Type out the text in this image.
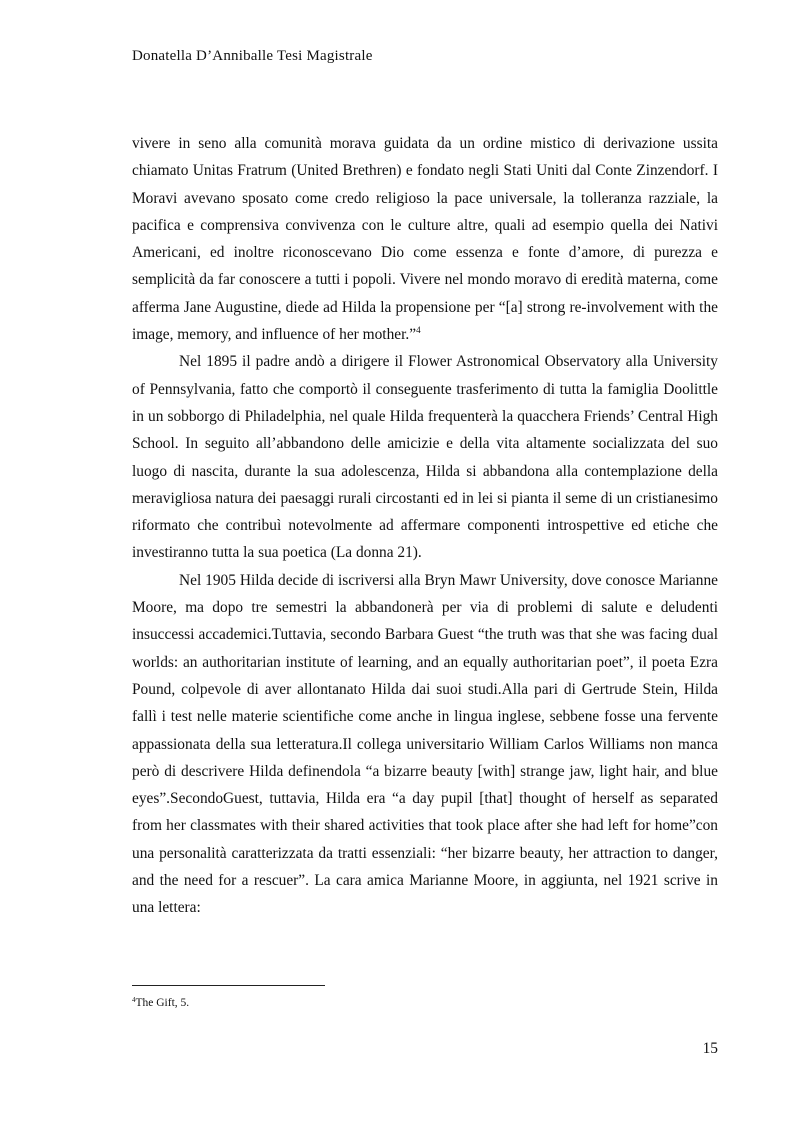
Donatella D’Anniballe Tesi Magistrale

vivere in seno alla comunità morava guidata da un ordine mistico di derivazione ussita chiamato Unitas Fratrum (United Brethren) e fondato negli Stati Uniti dal Conte Zinzendorf. I Moravi avevano sposato come credo religioso la pace universale, la tolleranza razziale, la pacifica e comprensiva convivenza con le culture altre, quali ad esempio quella dei Nativi Americani, ed inoltre riconoscevano Dio come essenza e fonte d’amore, di purezza e semplicità da far conoscere a tutti i popoli. Vivere nel mondo moravo di eredità materna, come afferma Jane Augustine, diede ad Hilda la propensione per “[a] strong re-involvement with the image, memory, and influence of her mother.”$^4$

Nel 1895 il padre andò a dirigere il Flower Astronomical Observatory alla University of Pennsylvania, fatto che comportò il conseguente trasferimento di tutta la famiglia Doolittle in un sobborgo di Philadelphia, nel quale Hilda frequenterà la quacchera Friends’ Central High School. In seguito all’abbandono delle amicizie e della vita altamente socializzata del suo luogo di nascita, durante la sua adolescenza, Hilda si abbandona alla contemplazione della meravigliosa natura dei paesaggi rurali circostanti ed in lei si pianta il seme di un cristianesimo riformato che contribuì notevolmente ad affermare componenti introspettive ed etiche che investiranno tutta la sua poetica (La donna 21).

Nel 1905 Hilda decide di iscriversi alla Bryn Mawr University, dove conosce Marianne Moore, ma dopo tre semestri la abbandonerà per via di problemi di salute e deludenti insuccessi accademici.Tuttavia, secondo Barbara Guest “the truth was that she was facing dual worlds: an authoritarian institute of learning, and an equally authoritarian poet”, il poeta Ezra Pound, colpevole di aver allontanato Hilda dai suoi studi.Alla pari di Gertrude Stein, Hilda fallì i test nelle materie scientifiche come anche in lingua inglese, sebbene fosse una fervente appassionata della sua letteratura.Il collega universitario William Carlos Williams non manca però di descrivere Hilda definendola “a bizarre beauty [with] strange jaw, light hair, and blue eyes”.SecondoGuest, tuttavia, Hilda era “a day pupil [that] thought of herself as separated from her classmates with their shared activities that took place after she had left for home”con una personalità caratterizzata da tratti essenziali: “her bizarre beauty, her attraction to danger, and the need for a rescuer”. La cara amica Marianne Moore, in aggiunta, nel 1921 scrive in una lettera:

$^4$The Gift, 5.
15
